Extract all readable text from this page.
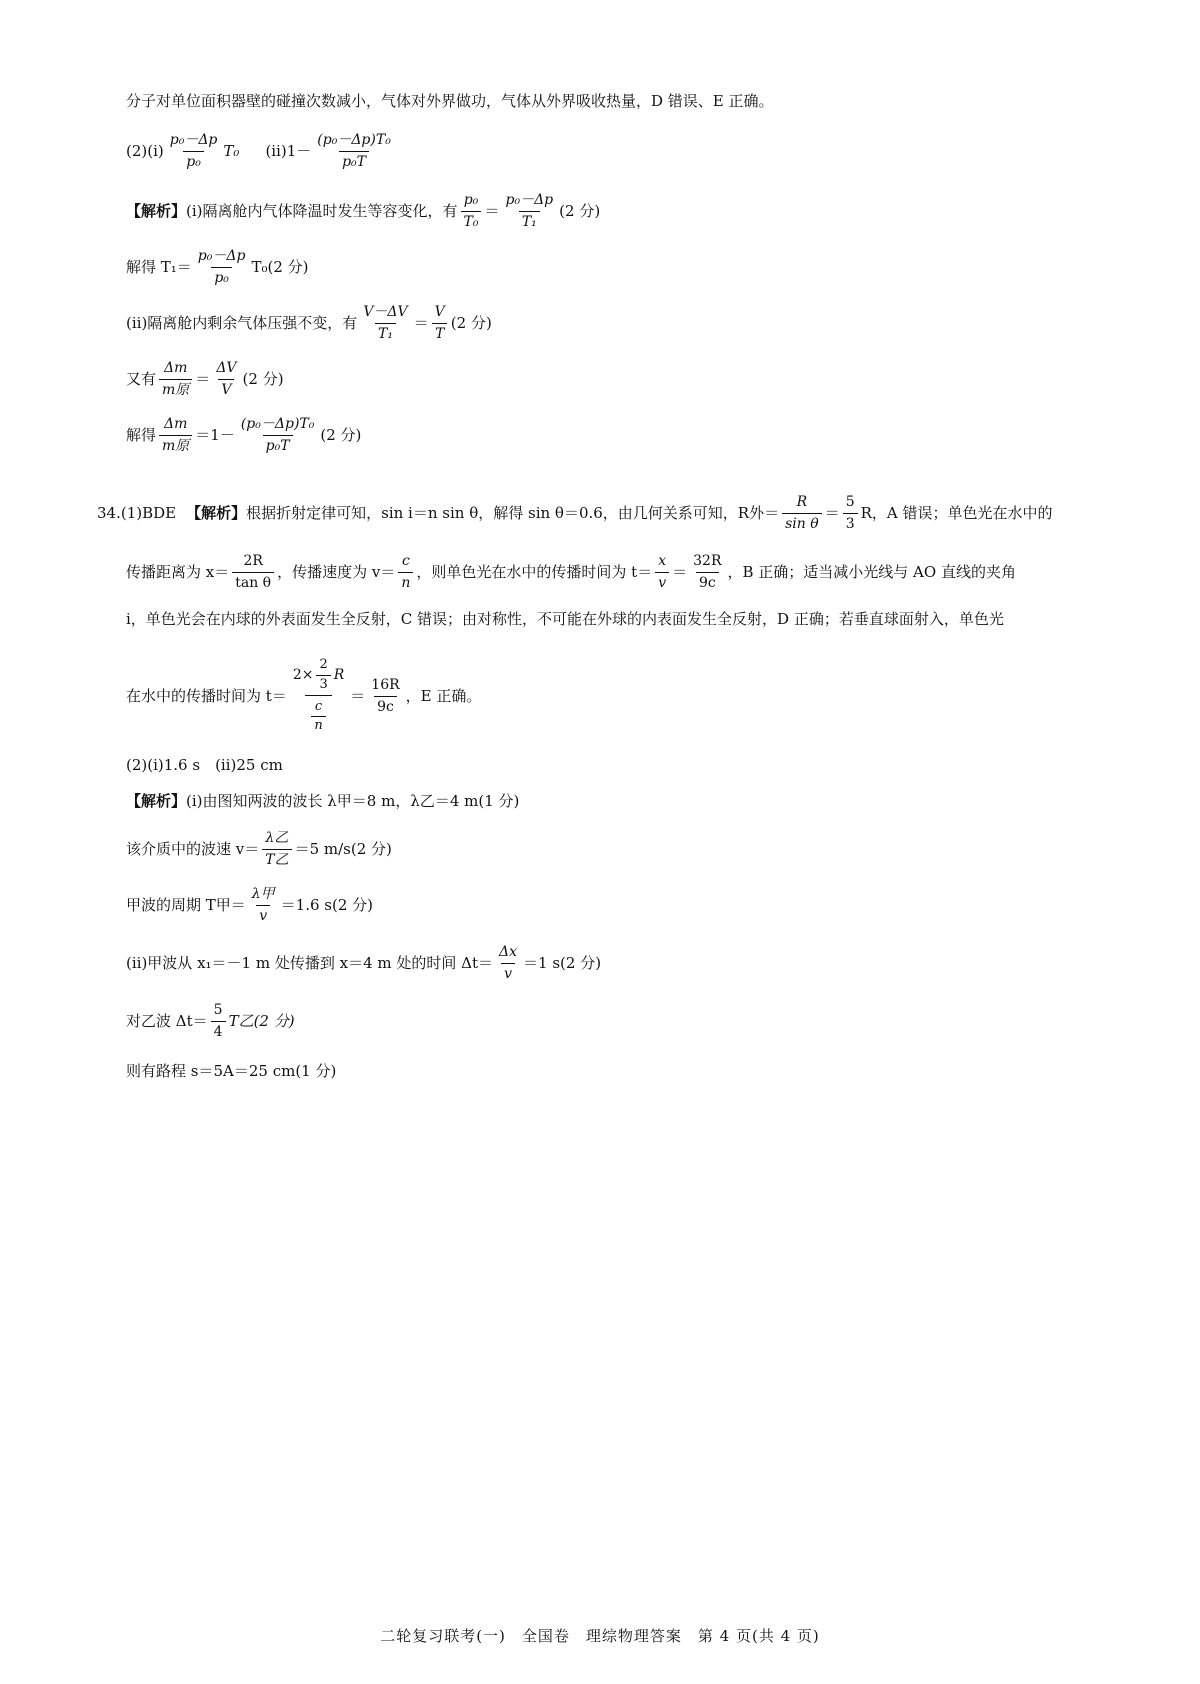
分子对单位面积器壁的碰撞次数减小，气体对外界做功，气体从外界吸收热量，D 错误、E 正确。
(2)(ⅰ) $\frac{\text{p₀－Δp}}{\text{p₀}} T_0$ (ⅱ)1－ $\frac{\text{(p₀－Δp)T₀}}{\text{p₀T}}$
【解析】 (ⅰ)隔离舱内气体降温时发生等容变化，有 $\frac{\text{p₀}}{\text{T₀}} = \frac{\text{p₀－Δp}}{\text{T₁}} (2$ 分)
解得 $T_1= \frac{\text{p₀－Δp}}{\text{p₀}} T_0(2$ 分)
(ⅱ)隔离舱内剩余气体压强不变，有 $\frac{V-\Delta V}{\text{T₁}} = \frac{V}{T} (2$ 分)
又有 $\frac{\Delta m}{\text{m原}} = \frac{\Delta V}{V} (2$ 分)
解得 $\frac{\Delta m}{\text{m原}} =1- \frac{\text{(p₀－Δp)T₀}}{\text{p₀T}} (2$ 分)
34.(1)BDE 【解析】 根据折射定律可知，sin i＝n sin θ，解得 sin θ＝0.6，由几何关系可知，R外＝ $\frac{R}{\text{sin θ}} = \frac{5}{3}$ R，A 错误；单色光在水中的
传播距离为 $x= \frac{2R}{\text{tan θ}}$ ，传播速度为 $v= \frac{c}{n}$ ，则单色光在水中的传播时间为 $t= \frac{x}{v} = \frac{32R}{9c}$ ，B 正确；适当减小光线与 AO 直线的夹角
i，单色光会在内球的外表面发生全反射，C 错误；由对称性，不可能在外球的内表面发生全反射，D 正确；若垂直球面射入，单色光
在水中的传播时间为 $t= \frac{2\times \frac{2}{3} R}{\frac{c}{n}} = \frac{16R}{9c}$ ，E 正确。
(2)(ⅰ)1.6 s　(ⅱ)25 cm
【解析】 (ⅰ)由图知两波的波长 λ甲＝8 m，λ乙＝4 m(1 分)
该介质中的波速 $v= \frac{\text{λ乙}}{\text{T乙}} =5$ m/s(2 分)
甲波的周期 T甲＝ $\frac{\text{λ甲}}{v} =1.6$ s(2 分)
(ⅱ)甲波从 x₁＝－1 m 处传播到 x＝4 m 处的时间 $\Delta t= \frac{\Delta x}{v} =1$ s(2 分)
对乙波 $\Delta t= \frac{5}{4}$ T乙(2 分)
则有路程 s＝5A＝25 cm(1 分)
二轮复习联考(一)　全国卷　理综物理答案　第 4 页(共 4 页)
